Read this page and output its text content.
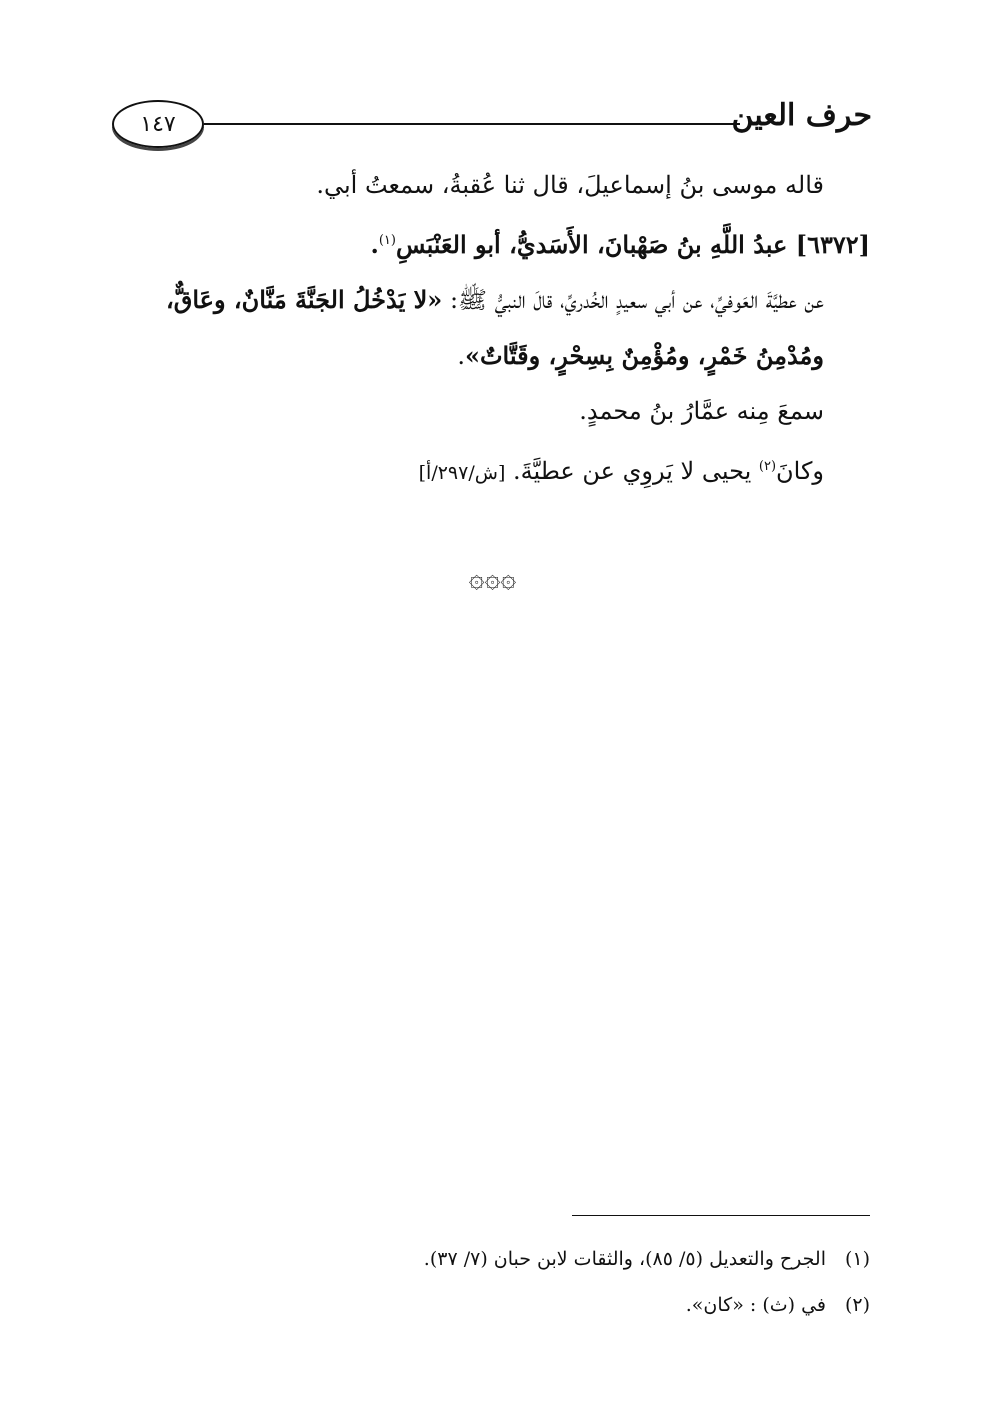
حرف العين
١٤٧

قاله موسى بنُ إسماعيلَ، قال ثنا عُقبةُ، سمعتُ أبي.

[٦٣٧٢] عبدُ اللَّهِ بنُ صَهْبانَ، الأَسَديُّ، أبو العَنْبَسِ$^{(١)}$.

عن عطيَّةَ العَوفيِّ، عن أبي سعيدٍ الخُدريِّ، قالَ النبيُّ ﷺ: «لا يَدْخُلُ الجَنَّةَ مَنَّانٌ، وعَاقٌّ، ومُدْمِنُ خَمْرٍ، ومُؤْمِنٌ بِسِحْرٍ، وقَتَّاتٌ».

سمعَ مِنه عمَّارُ بنُ محمدٍ.

وكانَ$^{(٢)}$ يحيى لا يَروِي عن عطيَّةَ. [ش/٢٩٧/أ]

۞۞۞

(١)الجرح والتعديل (٥/ ٨٥)، والثقات لابن حبان (٧/ ٣٧).

(٢)في (ث) : «كان».
